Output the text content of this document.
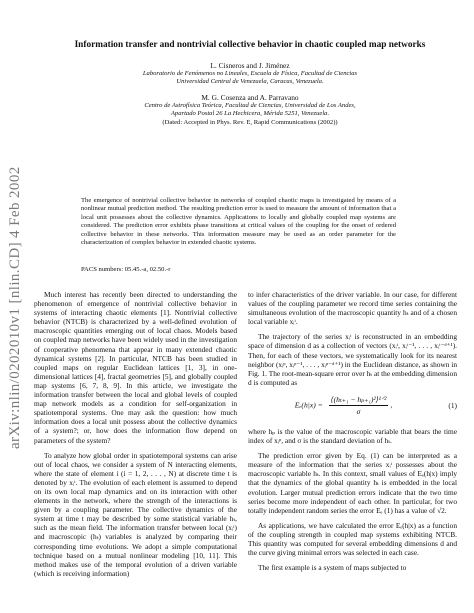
arXiv:nlin/0202010v1 [nlin.CD] 4 Feb 2002
Information transfer and nontrivial collective behavior in chaotic coupled map networks
L. Cisneros and J. Jiménez
Laboratorio de Fenómenos no Lineales, Escuela de Física, Facultad de Ciencias
Universidad Central de Venezuela, Caracas, Venezuela.
M. G. Cosenza and A. Parravano
Centro de Astrofísica Teórica, Facultad de Ciencias, Universidad de Los Andes,
Apartado Postal 26 La Hechicera, Mérida 5251, Venezuela.
(Dated: Accepted in Phys. Rev. E, Rapid Communications (2002))
The emergence of nontrivial collective behavior in networks of coupled chaotic maps is investigated by means of a nonlinear mutual prediction method. The resulting prediction error is used to measure the amount of information that a local unit possesses about the collective dynamics. Applications to locally and globally coupled map systems are considered. The prediction error exhibits phase transitions at critical values of the coupling for the onset of ordered collective behavior in these networks. This information measure may be used as an order parameter for the characterization of complex behavior in extended chaotic systems.
PACS numbers: 05.45.-a, 02.50.-r

Much interest has recently been directed to understanding the phenomenon of emergence of nontrivial collective behavior in systems of interacting chaotic elements [1]. Nontrivial collective behavior (NTCB) is characterized by a well-defined evolution of macroscopic quantities emerging out of local chaos. Models based on coupled map networks have been widely used in the investigation of cooperative phenomena that appear in many extended chaotic dynamical systems [2]. In particular, NTCB has been studied in coupled maps on regular Euclidean lattices [1, 3], in one-dimensional lattices [4], fractal geometries [5], and globally coupled map systems [6, 7, 8, 9]. In this article, we investigate the information transfer between the local and global levels of coupled map network models as a condition for self-organization in spatiotemporal systems. One may ask the question: how much information does a local unit possess about the collective dynamics of a system?; or, how does the information flow depend on parameters of the system?

To analyze how global order in spatiotemporal systems can arise out of local chaos, we consider a system of N interacting elements, where the state of element i (i = 1, 2, . . . , N) at discrete time t is denoted by xᵢᵗ. The evolution of each element is assumed to depend on its own local map dynamics and on its interaction with other elements in the network, where the strength of the interactions is given by a coupling parameter. The collective dynamics of the system at time t may be described by some statistical variable hₜ, such as the mean field. The information transfer between local (xᵢᵗ) and macroscopic (hₜ) variables is analyzed by comparing their corresponding time evolutions. We adopt a simple computational technique based on a mutual nonlinear modeling [10, 11]. This method makes use of the temporal evolution of a driven variable (which is receiving information)

to infer characteristics of the driver variable. In our case, for different values of the coupling parameter we record time series containing the simultaneous evolution of the macroscopic quantity hₜ and of a chosen local variable xᵢᵗ.

The trajectory of the series xᵢᵗ is reconstructed in an embedding space of dimension d as a collection of vectors (xᵢᵗ, xᵢᵗ⁻¹, . . . , xᵢᵗ⁻ᵈ⁺¹). Then, for each of these vectors, we systematically look for its nearest neighbor (xᵢᵖ, xᵢᵖ⁻¹, . . . , xᵢᵖ⁻ᵈ⁺¹) in the Euclidean distance, as shown in Fig. 1. The root-mean-square error over hₜ at the embedding dimension d is computed as

Eₑ(h|x) =
⟨(hₜ₊₁ − hₚ₊₁)²⟩¹ᐟ²
σ
,	(1)

where hₚ is the value of the macroscopic variable that bears the time index of xᵢᵖ, and σ is the standard deviation of hₜ.

The prediction error given by Eq. (1) can be interpreted as a measure of the information that the series xᵢᵗ possesses about the macroscopic variable hₜ. In this context, small values of Eₑ(h|x) imply that the dynamics of the global quantity hₜ is embedded in the local evolution. Larger mutual prediction errors indicate that the two time series become more independent of each other. In particular, for two totally independent random series the error Eₑ (1) has a value of √2.

As applications, we have calculated the error Eₑ(h|x) as a function of the coupling strength in coupled map systems exhibiting NTCB. This quantity was computed for several embedding dimensions d and the curve giving minimal errors was selected in each case.

The first example is a system of maps subjected to
